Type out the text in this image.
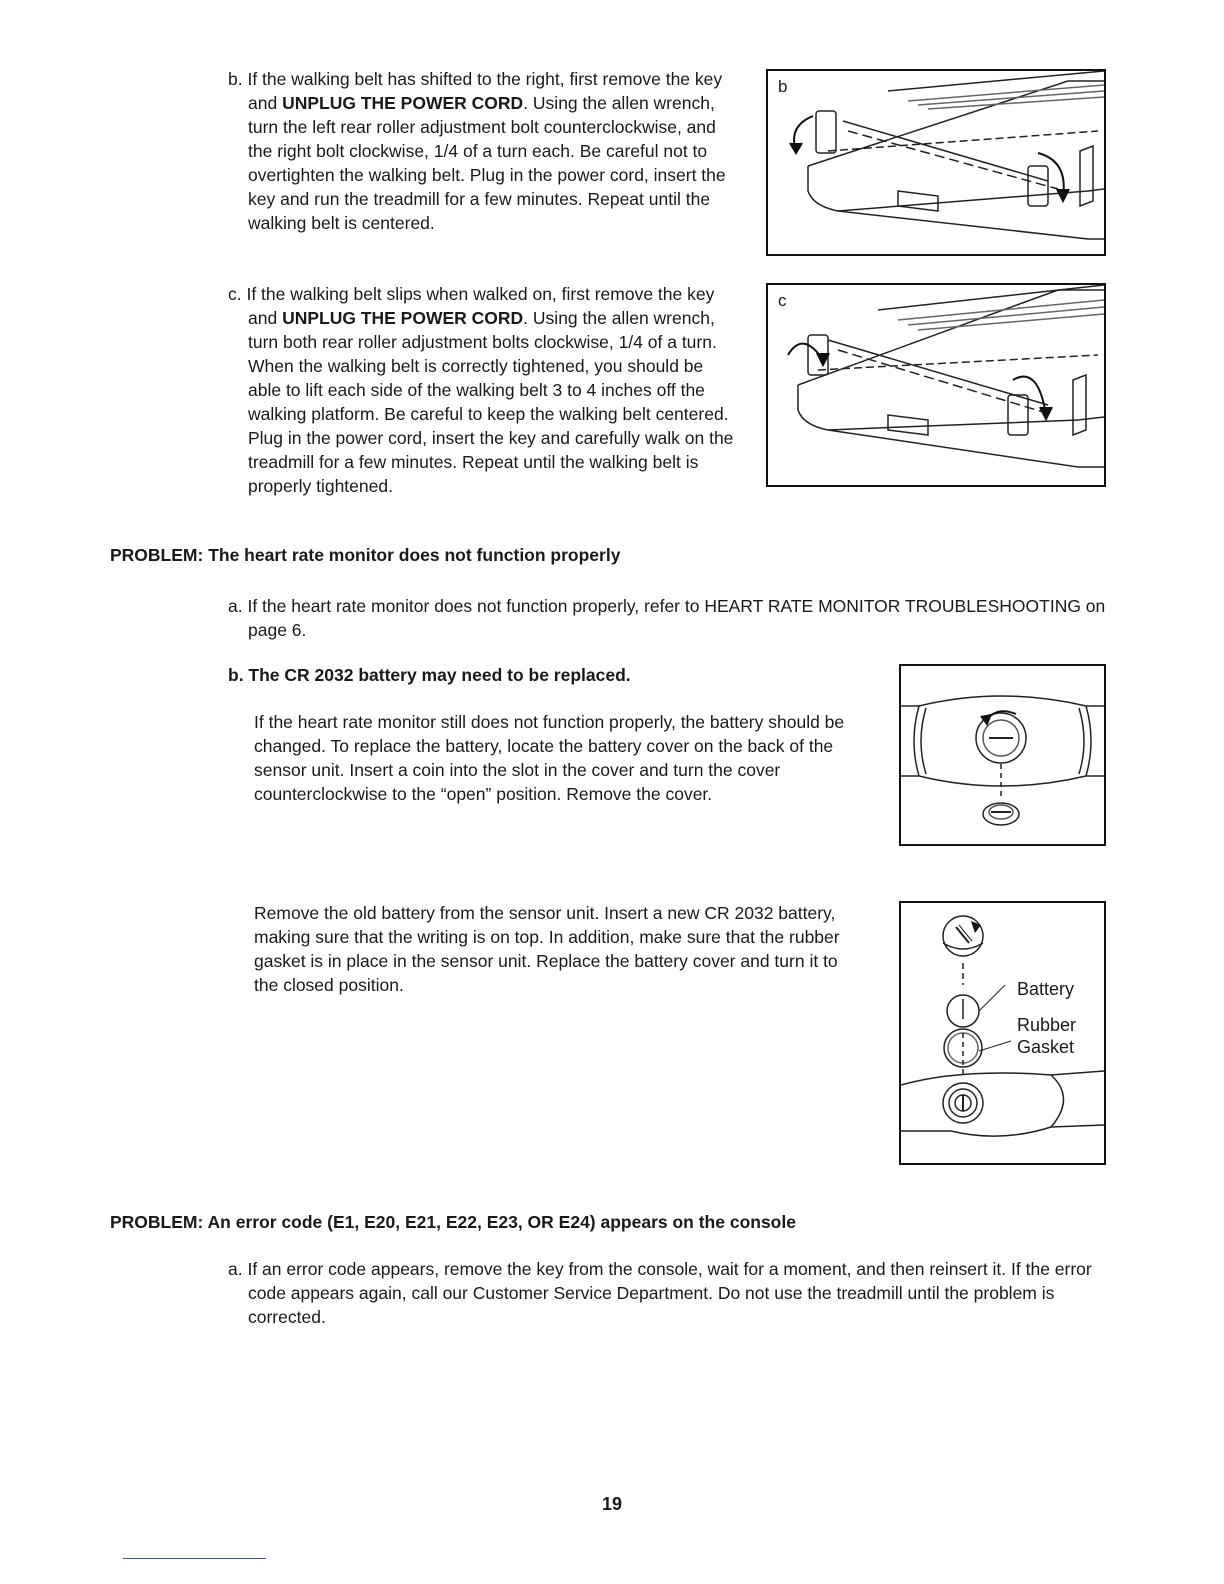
b. If the walking belt has shifted to the right, first remove the key and UNPLUG THE POWER CORD. Using the allen wrench, turn the left rear roller adjustment bolt counterclockwise, and the right bolt clockwise, 1/4 of a turn each. Be careful not to overtighten the walking belt. Plug in the power cord, insert the key and run the treadmill for a few minutes. Repeat until the walking belt is centered.

b

c. If the walking belt slips when walked on, first remove the key and UNPLUG THE POWER CORD. Using the allen wrench, turn both rear roller adjustment bolts clockwise, 1/4 of a turn. When the walking belt is correctly tightened, you should be able to lift each side of the walking belt 3 to 4 inches off the walking platform. Be careful to keep the walking belt centered. Plug in the power cord, insert the key and carefully walk on the treadmill for a few minutes. Repeat until the walking belt is properly tightened.

c

PROBLEM: The heart rate monitor does not function properly

a. If the heart rate monitor does not function properly, refer to HEART RATE MONITOR TROUBLESHOOTING on page 6.

b. The CR 2032 battery may need to be replaced.

If the heart rate monitor still does not function properly, the battery should be changed. To replace the battery, locate the battery cover on the back of the sensor unit. Insert a coin into the slot in the cover and turn the cover counterclockwise to the “open” position. Remove the cover.

Remove the old battery from the sensor unit. Insert a new CR 2032 battery, making sure that the writing is on top. In addition, make sure that the rubber gasket is in place in the sensor unit. Replace the battery cover and turn it to the closed position.	Battery
Rubber
Gasket

PROBLEM: An error code (E1, E20, E21, E22, E23, OR E24) appears on the console

a. If an error code appears, remove the key from the console, wait for a moment, and then reinsert it. If the error code appears again, call our Customer Service Department. Do not use the treadmill until the problem is corrected.

19
